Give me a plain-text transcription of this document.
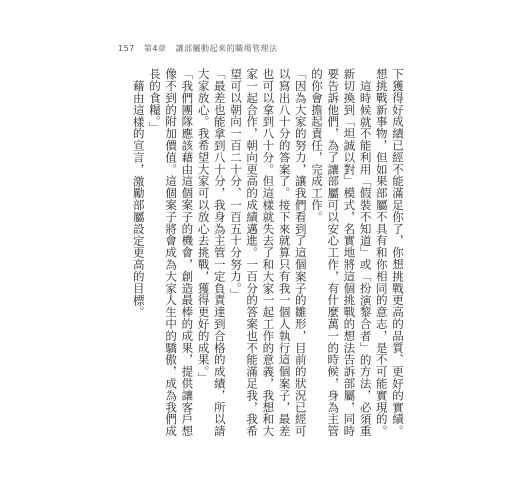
157 第4章 讓部屬動起來的職場管理法

下獲得好成績已經不能滿足你了，你想挑戰更高的品質、更好的實績。想挑戰新事物，但如果部屬不具有和你相同的意志，是不可能實現的。

這時候就不能利用「假裝不知道」或「扮演黎合者」的方法，必須重新切換到「坦誠以對」模式，名實地將這個挑戰的想法告訴部屬，同時要告訴他們，為了讓部屬可以安心工作，有什麼萬一的時候，身為主管的你會擔起責任，完成工作。

「因為大家的努力，讓我們看到了這個案子的雛形，目前的狀況已經可以寫出八十分的答案了。接下來就算只有我一個人執行這個案子，最差也可以拿到八十分。但這樣就失去了和大家一起工作的意義，我想和大家一起合作，朝向更高的成績邁進。一百分的答案也不能滿足我，我希望可以朝向一百二十分、一百五十分努力。」

「最差也能拿到八十分，我身為主管一定負責達到合格的成績，所以請大家放心。我希望大家可以放心去挑戰，獲得更好的成果。」

「我們團隊應該藉由這個案子的機會，創造最棒的成果，提供讓客戶想像不到的附加價值。這個案子將會成為大家人生中的驕傲，成為我們成長的食糧。」

藉由這樣的宣言，激勵部屬設定更高的目標。
